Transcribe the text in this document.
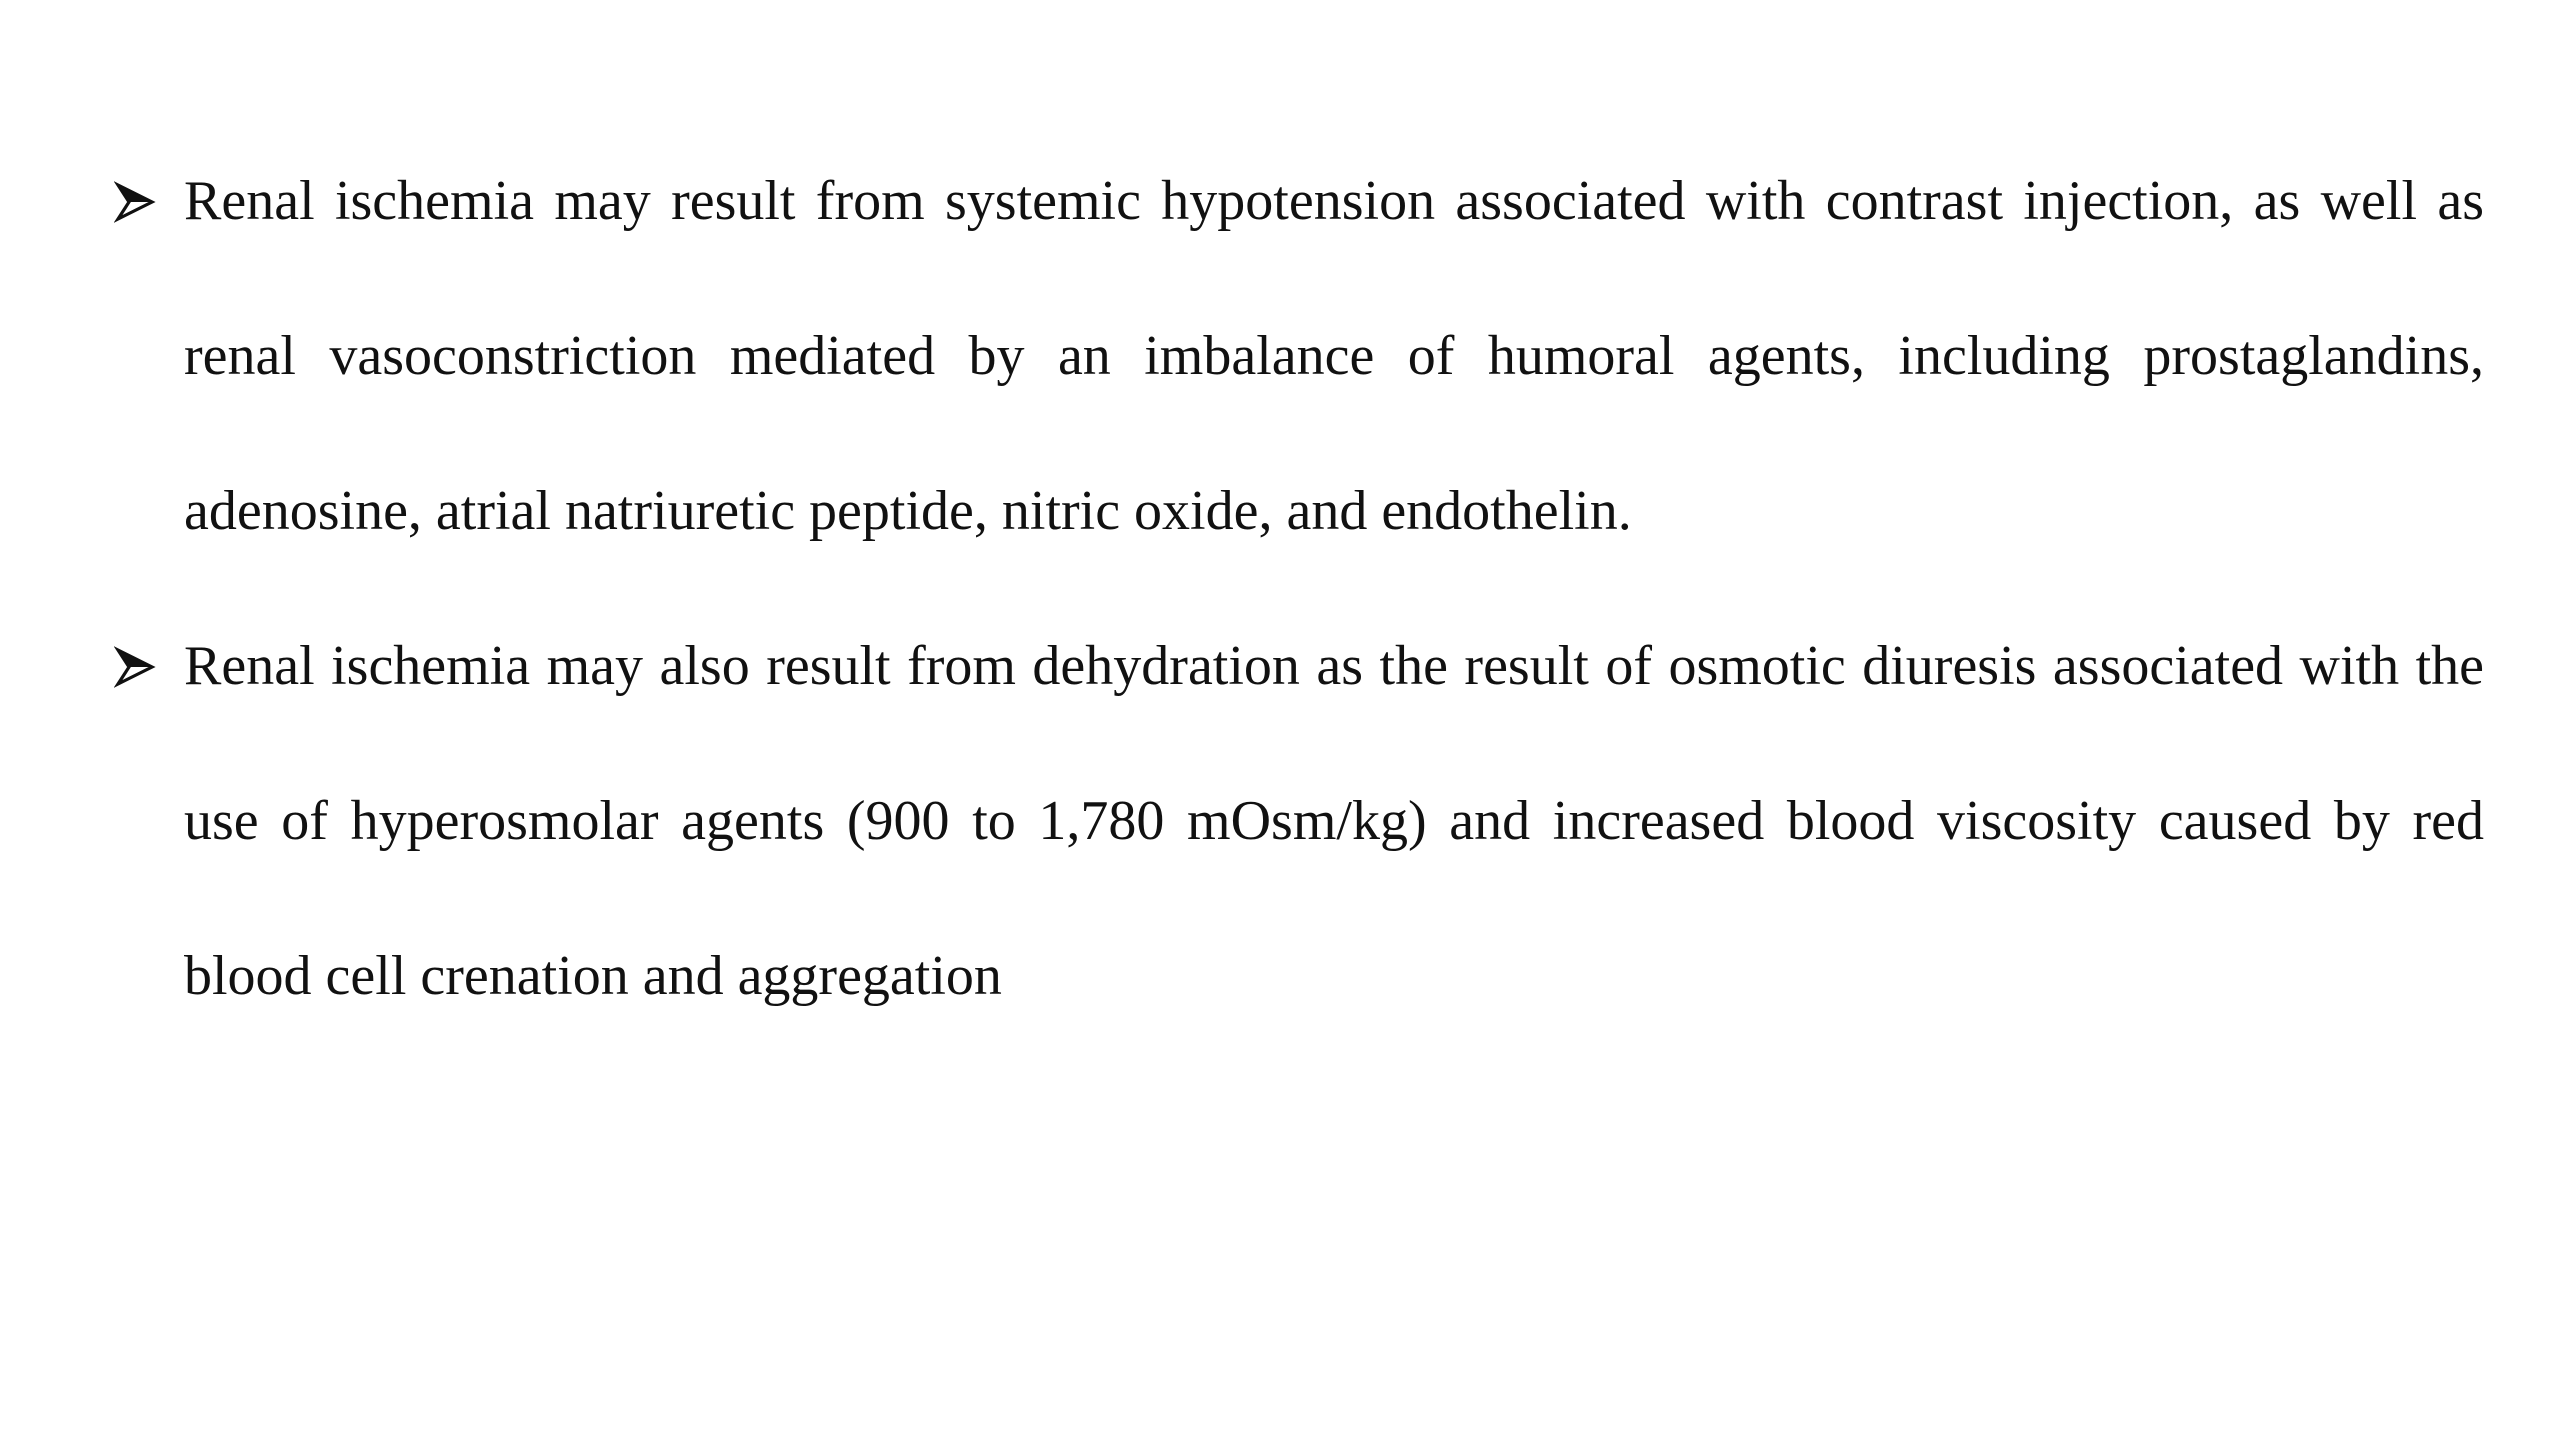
Renal ischemia may result from systemic hypotension associated with contrast injection, as well as renal vasoconstriction mediated by an imbalance of humoral agents, including prostaglandins, adenosine, atrial natriuretic peptide, nitric oxide, and endothelin.
Renal ischemia may also result from dehydration as the result of osmotic diuresis associated with the use of hyperosmolar agents (900 to 1,780 mOsm/kg) and increased blood viscosity caused by red blood cell crenation and aggregation
